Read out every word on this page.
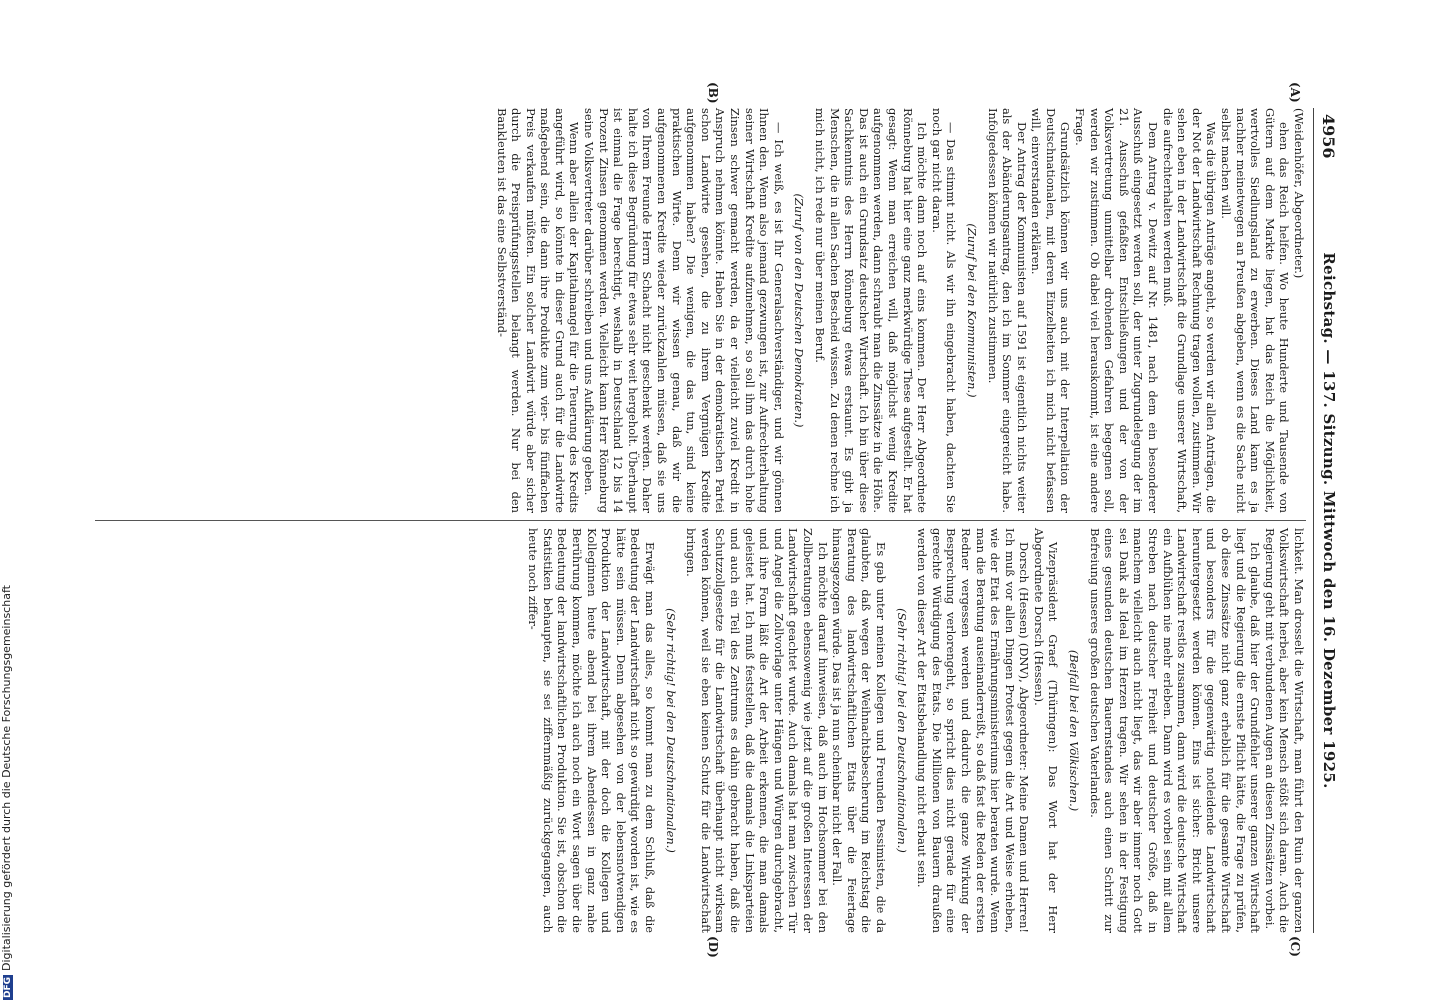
4956
Reichstag. — 137. Sitzung. Mittwoch den 16. Dezember 1925.
(A)
(B)
(C)
(D)

(Weidenhöfer, Abgeordneter.)

ehen das Reich helfen. Wo heute Hunderte und Tausende von Gütern auf dem Markte liegen, hat das Reich die Möglichkeit, wertvolles Siedlungsland zu erwerben. Dieses Land kann es ja nachher meinetwegen an Preußen abgeben, wenn es die Sache nicht selbst machen will.

Was die übrigen Anträge angeht, so werden wir allen Anträgen, die der Not der Landwirtschaft Rechnung tragen wollen, zustimmen. Wir sehen eben in der Landwirtschaft die Grundlage unserer Wirtschaft, die aufrechterhalten werden muß.

Dem Antrag v. Dewitz auf Nr. 1481, nach dem ein besonderer Ausschuß eingesetzt werden soll, der unter Zugrundelegung der im 21. Ausschuß gefaßten Entschließungen und der von der Volksvertretung unmittelbar drohenden Gefahren begegnen soll, werden wir zustimmen. Ob dabei viel herauskommt, ist eine andere Frage.

Grundsätzlich können wir uns auch mit der Interpellation der Deutschnationalen, mit deren Einzelheiten ich mich nicht befassen will, einverstanden erklären.

Der Antrag der Kommunisten auf 1591 ist eigentlich nichts weiter als der Abänderungsantrag, den ich im Sommer eingereicht habe. Infolgedessen können wir natürlich zustimmen.

(Zuruf bei den Kommunisten.)

— Das stimmt nicht. Als wir ihn eingebracht haben, dachten Sie noch gar nicht daran.

Ich möchte dann noch auf eins kommen. Der Herr Abgeordnete Rönneburg hat hier eine ganz merkwürdige These aufgestellt. Er hat gesagt: Wenn man erreichen will, daß möglichst wenig Kredite aufgenommen werden, dann schraubt man die Zinssätze in die Höhe. Das ist auch ein Grundsatz deutscher Wirtschaft. Ich bin über diese Sachkenntnis des Herrn Rönneburg etwas erstaunt. Es gibt ja Menschen, die in allen Sachen Bescheid wissen. Zu denen rechne ich mich nicht, ich rede nur über meinen Beruf.

(Zuruf von den Deutschen Demokraten.)

— Ich weiß, es ist Ihr Generalsachverständiger, und wir gönnen Ihnen den. Wenn also jemand gezwungen ist, zur Aufrechterhaltung seiner Wirtschaft Kredite aufzunehmen, so soll ihm das durch hohe Zinsen schwer gemacht werden, da er vielleicht zuviel Kredit in Anspruch nehmen könnte. Haben Sie in der demokratischen Partei schon Landwirte gesehen, die zu ihrem Vergnügen Kredite aufgenommen haben? Die wenigen, die das tun, sind keine praktischen Wirte. Denn wir wissen genau, daß wir die aufgenommenen Kredite wieder zurückzahlen müssen, daß sie uns von Ihrem Freunde Herrn Schacht nicht geschenkt werden. Daher halte ich diese Begründung für etwas sehr weit hergeholt. Überhaupt ist einmal die Frage berechtigt, weshalb in Deutschland 12 bis 14 Prozent Zinsen genommen werden. Vielleicht kann Herr Rönneburg seine Volksvertreter darüber schreiben und uns Aufklärung geben.

Wenn aber allein der Kapitalmangel für die Teuerung des Kredits angeführt wird, so könnte in dieser Grund auch für die Landwirte maßgebend sein, die dann ihre Produkte zum vier- bis fünffachen Preis verkaufen müßten. Ein solcher Landwirt würde aber sicher durch die Preisprüfungsstellen belangt werden. Nur bei den Bankleuten ist das eine Selbstverständ-

lichkeit. Man drosselt die Wirtschaft, man führt den Ruin der ganzen Volkswirtschaft herbei, aber kein Mensch stößt sich daran. Auch die Regierung geht mit verbundenen Augen an diesen Zinssätzen vorbei.

Ich glaube, daß hier der Grundfehler unserer ganzen Wirtschaft liegt und die Regierung die ernste Pflicht hätte, die Frage zu prüfen, ob diese Zinssätze nicht ganz erheblich für die gesamte Wirtschaft und besonders für die gegenwärtig notleidende Landwirtschaft heruntergesetzt werden können. Eins ist sicher: Bricht unsere Landwirtschaft restlos zusammen, dann wird die deutsche Wirtschaft ein Aufblühen nie mehr erleben. Dann wird es vorbei sein mit allem Streben nach deutscher Freiheit und deutscher Größe, daß in manchem vielleicht auch nicht liegt, das wir aber immer noch Gott sei Dank als Ideal im Herzen tragen. Wir sehen in der Festigung eines gesunden deutschen Bauernstandes auch einen Schritt zur Befreiung unseres großen deutschen Vaterlandes.

(Beifall bei den Völkischen.)

Vizepräsident Graef (Thüringen): Das Wort hat der Herr Abgeordnete Dorsch (Hessen).

Dorsch (Hessen) (DNV), Abgeordneter: Meine Damen und Herren! Ich muß vor allen Dingen Protest gegen die Art und Weise erheben, wie der Etat des Ernährungsministeriums hier beraten wurde. Wenn man die Beratung auseinanderreißt, so daß fast die Reden der ersten Redner vergessen werden und dadurch die ganze Wirkung der Besprechung verlorengeht, so spricht dies nicht gerade für eine gerechte Würdigung des Etats. Die Millionen von Bauern draußen werden von dieser Art der Etatsbehandlung nicht erbaut sein.

(Sehr richtig! bei den Deutschnationalen.)

Es gab unter meinen Kollegen und Freunden Pessimisten, die da glaubten, daß wegen der Weihnachtsbescherung im Reichstag die Beratung des landwirtschaftlichen Etats über die Feiertage hinausgezogen würde. Das ist ja nun scheinbar nicht der Fall.

Ich möchte darauf hinweisen, daß auch im Hochsommer bei den Zollberatungen ebensowenig wie jetzt auf die großen Interessen der Landwirtschaft geachtet wurde. Auch damals hat man zwischen Tür und Angel die Zollvorlage unter Hängen und Würgen durchgebracht, und ihre Form läßt die Art der Arbeit erkennen, die man damals geleistet hat. Ich muß feststellen, daß die damals die Linksparteien und auch ein Teil des Zentrums es dahin gebracht haben, daß die Schutzzollgesetze für die Landwirtschaft überhaupt nicht wirksam werden können, weil sie eben keinen Schutz für die Landwirtschaft bringen.

(Sehr richtig! bei den Deutschnationalen.)

Erwägt man das alles, so kommt man zu dem Schluß, daß die Bedeutung der Landwirtschaft nicht so gewürdigt worden ist, wie es hätte sein müssen. Denn abgesehen von der lebensnotwendigen Produktion der Landwirtschaft, mit der doch die Kollegen und Kolleginnen heute abend bei ihrem Abendessen in ganz nahe Berührung kommen, möchte ich auch noch ein Wort sagen über die Bedeutung der landwirtschaftlichen Produktion. Sie ist, obschon die Statistiken behaupten, sie sei ziffernmäßig zurückgegangen, auch heute noch ziffer-

DFGDigitalisierung gefördert durch die Deutsche Forschungsgemeinschaft
